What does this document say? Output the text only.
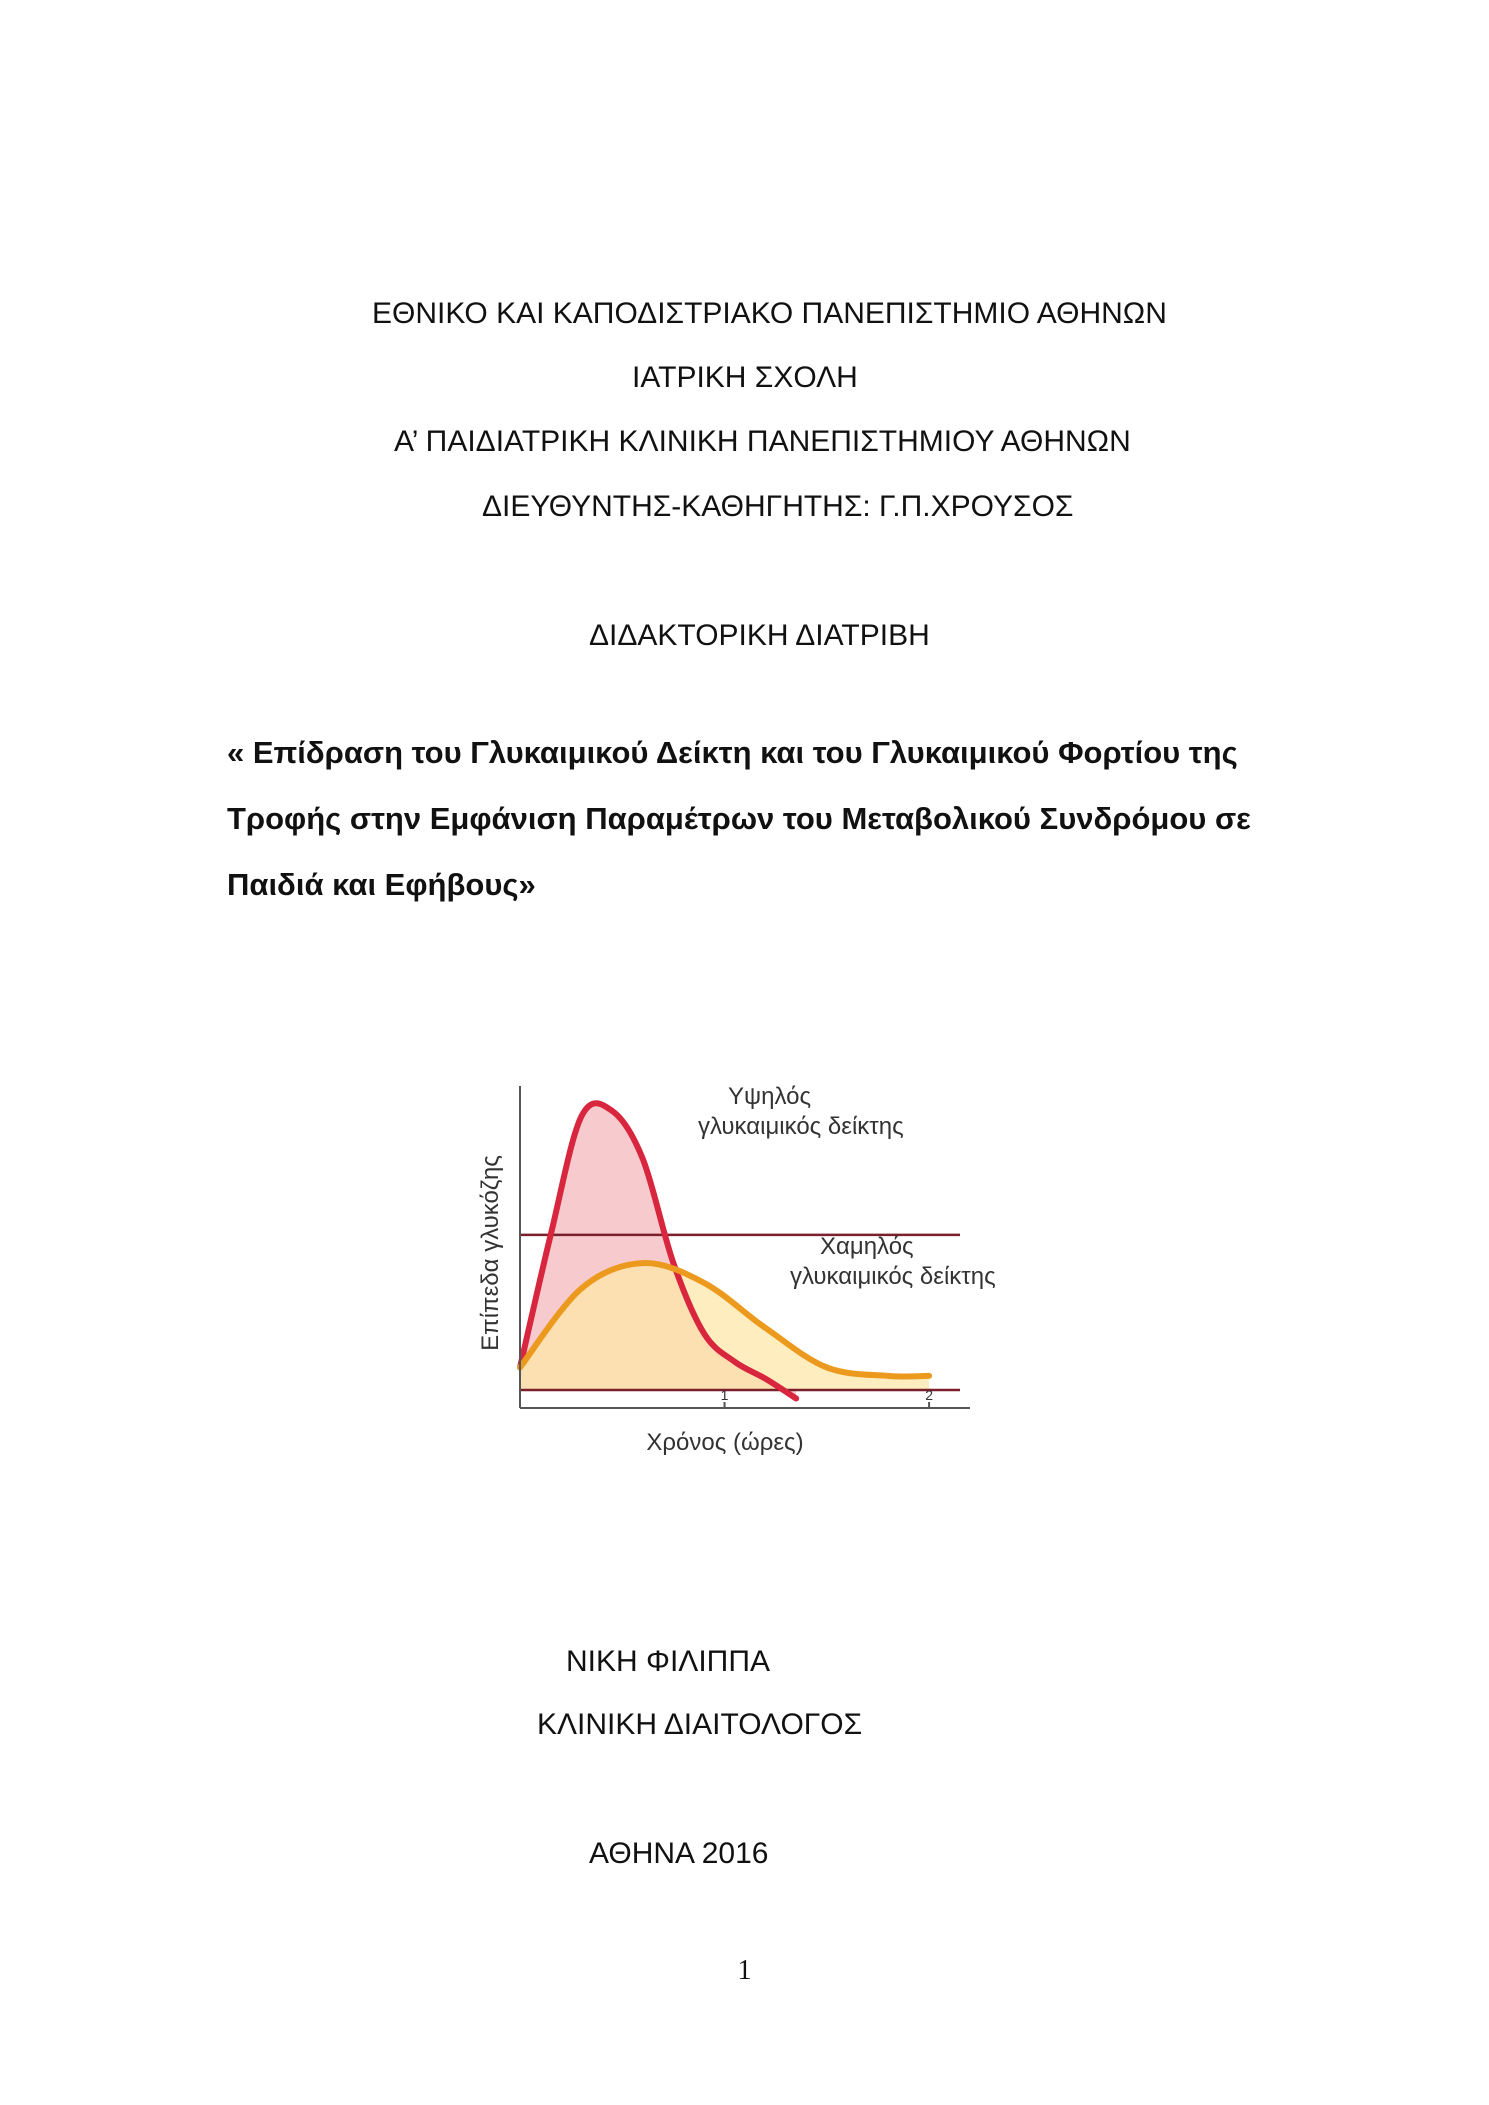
ΕΘΝΙΚΟ ΚΑΙ ΚΑΠΟΔΙΣΤΡΙΑΚΟ ΠΑΝΕΠΙΣΤΗΜΙΟ ΑΘΗΝΩΝ
ΙΑΤΡΙΚΗ ΣΧΟΛΗ
Α’ ΠΑΙΔΙΑΤΡΙΚΗ ΚΛΙΝΙΚΗ ΠΑΝΕΠΙΣΤΗΜΙΟΥ ΑΘΗΝΩΝ
ΔΙΕΥΘΥΝΤΗΣ-ΚΑΘΗΓΗΤΗΣ: Γ.Π.ΧΡΟΥΣΟΣ
ΔΙΔΑΚΤΟΡΙΚΗ ΔΙΑΤΡΙΒΗ
« Επίδραση του Γλυκαιμικού Δείκτη και του Γλυκαιμικού Φορτίου της
Τροφής στην Εμφάνιση Παραμέτρων του Μεταβολικού Συνδρόμου σε
Παιδιά και Εφήβους»
1	2
Υψηλός γλυκαιμικός δείκτης
Χαμηλός γλυκαιμικός δείκτης
Χρόνος (ώρες)
Επίπεδα γλυκόζης
ΝΙΚΗ ΦΙΛΙΠΠΑ
ΚΛΙΝΙΚΗ ΔΙΑΙΤΟΛΟΓΟΣ
ΑΘΗΝΑ 2016
1
